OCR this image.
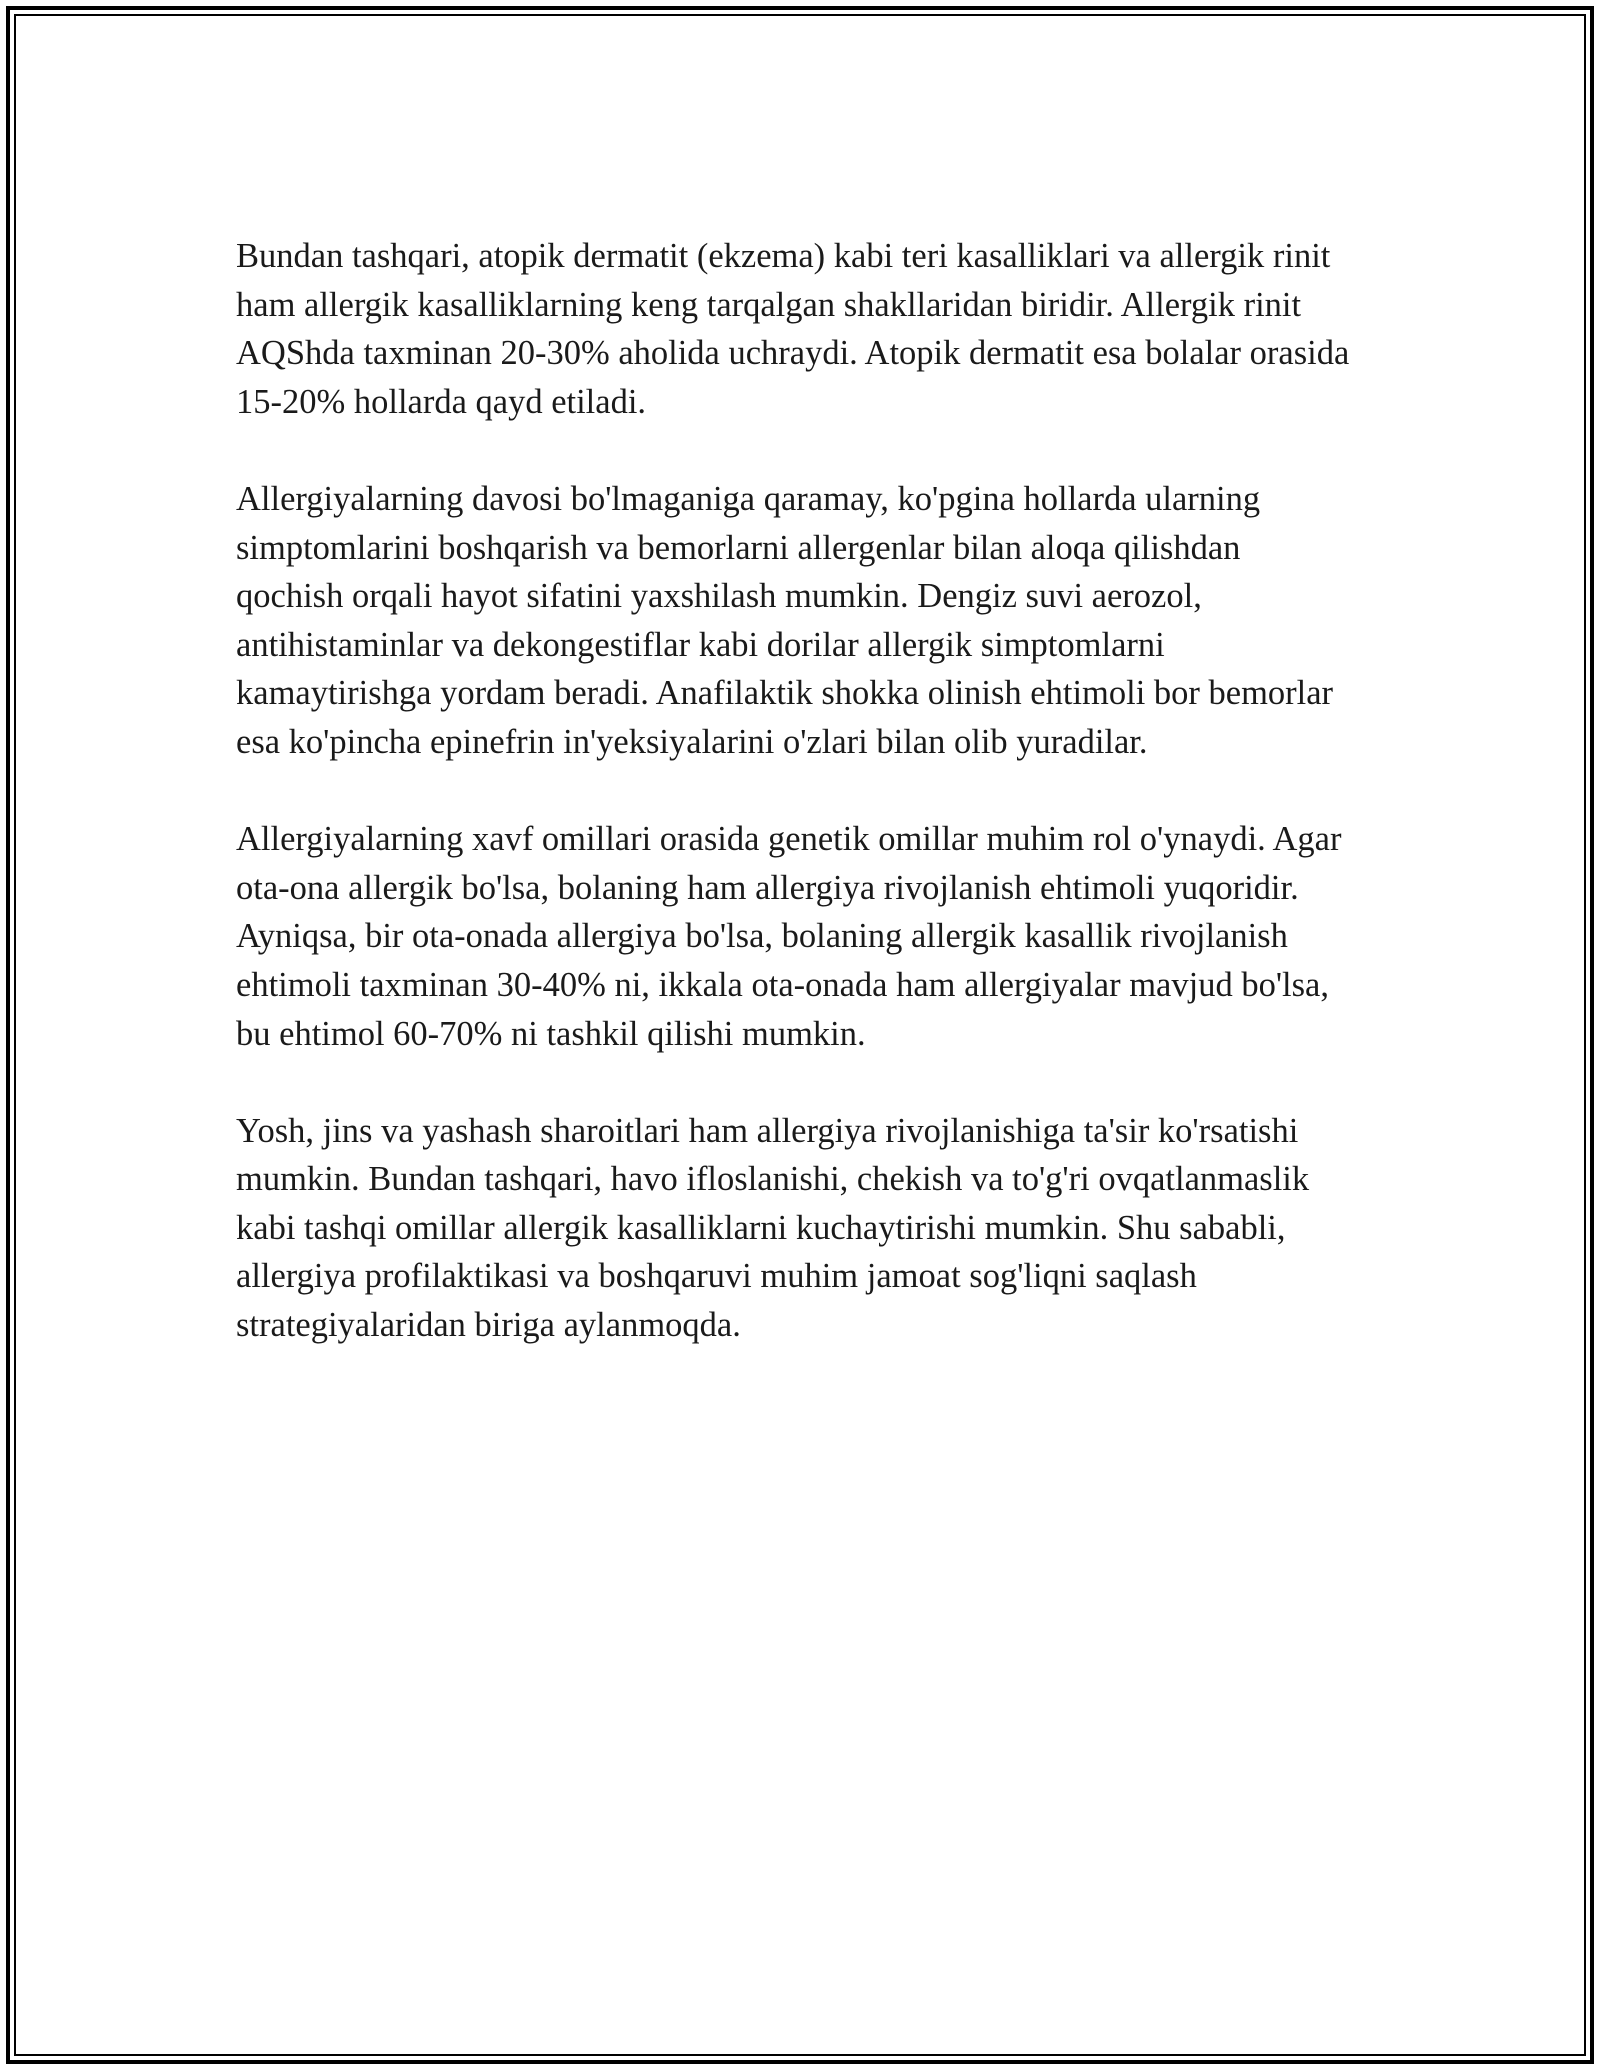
Bundan tashqari, atopik dermatit (ekzema) kabi teri kasalliklari va allergik rinit ham allergik kasalliklarning keng tarqalgan shakllaridan biridir. Allergik rinit AQShda taxminan 20-30% aholida uchraydi. Atopik dermatit esa bolalar orasida 15-20% hollarda qayd etiladi.

Allergiyalarning davosi bo'lmaganiga qaramay, ko'pgina hollarda ularning simptomlarini boshqarish va bemorlarni allergenlar bilan aloqa qilishdan qochish orqali hayot sifatini yaxshilash mumkin. Dengiz suvi aerozol, antihistaminlar va dekongestiflar kabi dorilar allergik simptomlarni kamaytirishga yordam beradi. Anafilaktik shokka olinish ehtimoli bor bemorlar esa ko'pincha epinefrin in'yeksiyalarini o'zlari bilan olib yuradilar.

Allergiyalarning xavf omillari orasida genetik omillar muhim rol o'ynaydi. Agar ota-ona allergik bo'lsa, bolaning ham allergiya rivojlanish ehtimoli yuqoridir. Ayniqsa, bir ota-onada allergiya bo'lsa, bolaning allergik kasallik rivojlanish ehtimoli taxminan 30-40% ni, ikkala ota-onada ham allergiyalar mavjud bo'lsa, bu ehtimol 60-70% ni tashkil qilishi mumkin.

Yosh, jins va yashash sharoitlari ham allergiya rivojlanishiga ta'sir ko'rsatishi mumkin. Bundan tashqari, havo ifloslanishi, chekish va to'g'ri ovqatlanmaslik kabi tashqi omillar allergik kasalliklarni kuchaytirishi mumkin. Shu sababli, allergiya profilaktikasi va boshqaruvi muhim jamoat sog'liqni saqlash strategiyalaridan biriga aylanmoqda.
